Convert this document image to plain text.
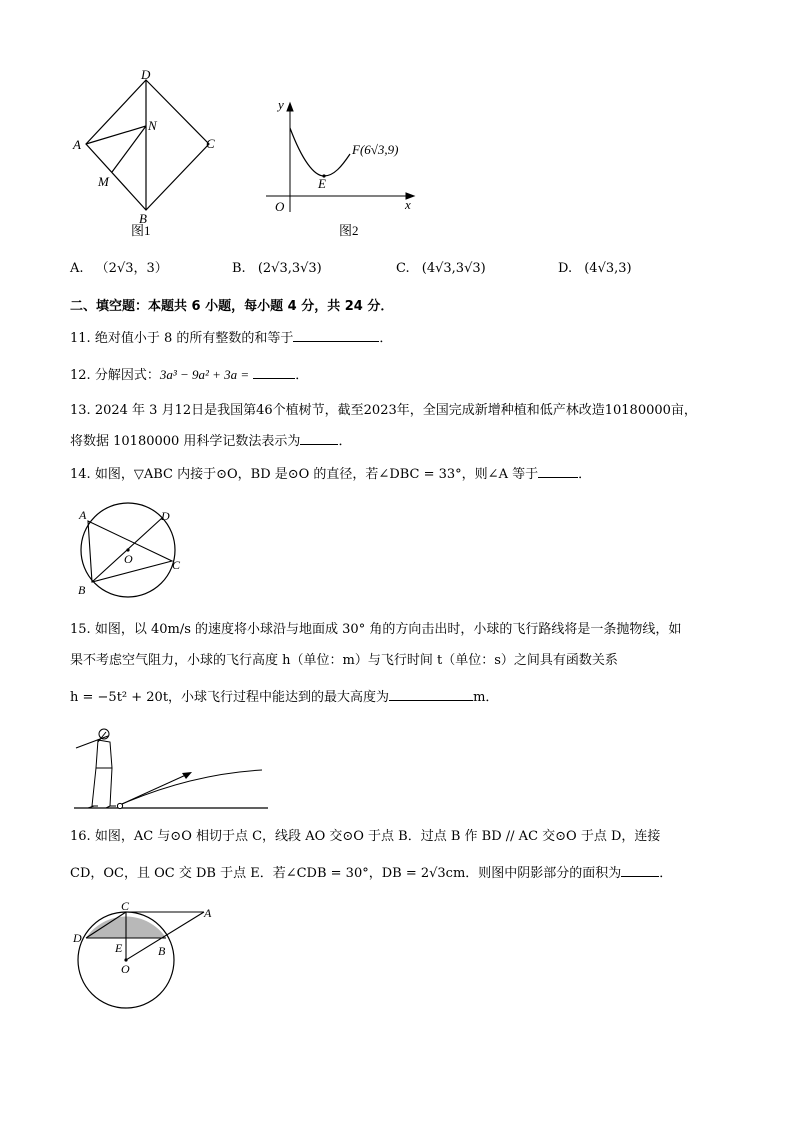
D
N
A	C
M
B
图1
y
x
O
E
F(6√3,9)
图2
A. （2√3，3）	B. (2√3,3√3)	C. (4√3,3√3)	D. (4√3,3)
二、填空题：本题共 6 小题，每小题 4 分，共 24 分．
11. 绝对值小于 8 的所有整数的和等于	．
12. 分解因式：3a³ − 9a² + 3a =	．
13. 2024 年 3 月12日是我国第46个植树节，截至2023年，全国完成新增种植和低产林改造10180000亩，
将数据 10180000 用科学记数法表示为	．
14. 如图，▽ABC 内接于⊙O，BD 是⊙O 的直径，若∠DBC = 33°，则∠A 等于	．
A	D
O	C
B
15. 如图，以 40m/s 的速度将小球沿与地面成 30° 角的方向击出时，小球的飞行路线将是一条抛物线，如
果不考虑空气阻力，小球的飞行高度 h（单位：m）与飞行时间 t（单位：s）之间具有函数关系
h = −5t² + 20t，小球飞行过程中能达到的最大高度为	m．
16. 如图，AC 与⊙O 相切于点 C，线段 AO 交⊙O 于点 B．过点 B 作 BD // AC 交⊙O 于点 D，连接
CD，OC，且 OC 交 DB 于点 E．若∠CDB = 30°，DB = 2√3cm．则图中阴影部分的面积为	．
C	A
D
E	B
O
